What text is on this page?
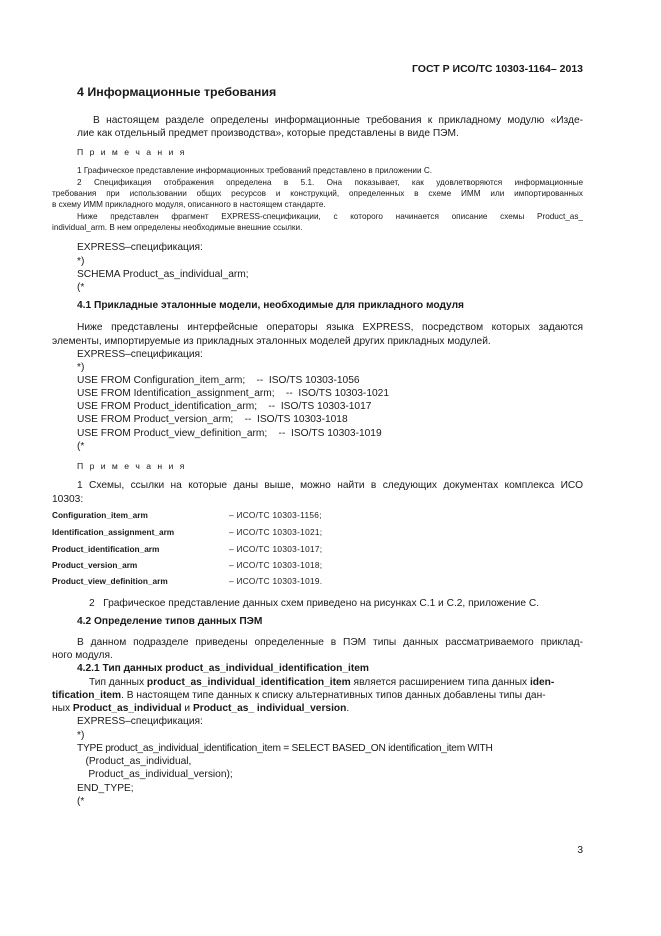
ГОСТ Р ИСО/ТС 10303-1164– 2013
4 Информационные требования
В настоящем разделе определены информационные требования к прикладному модулю «Изде-
лие как отдельный предмет производства», которые представлены в виде ПЭМ.
П р и м е ч а н и я
1 Графическое представление информационных требований представлено в приложении С.
2 Спецификация отображения определена в 5.1. Она показывает, как удовлетворяются информационные
требования при использовании общих ресурсов и конструкций, определенных в схеме ИММ или импортированных
в схему ИММ прикладного модуля, описанного в настоящем стандарте.
Ниже представлен фрагмент EXPRESS-спецификации, с которого начинается описание схемы Product_as_
individual_arm. В нем определены необходимые внешние ссылки.
EXPRESS–спецификация:
*)
SCHEMA Product_as_individual_arm;
(*
4.1 Прикладные эталонные модели, необходимые для прикладного модуля
Ниже представлены интерфейсные операторы языка EXPRESS, посредством которых задаются
элементы, импортируемые из прикладных эталонных моделей других прикладных модулей.
EXPRESS–спецификация:
*)
USE FROM Configuration_item_arm;    --  ISO/TS 10303-1056
USE FROM Identification_assignment_arm;    --  ISO/TS 10303-1021
USE FROM Product_identification_arm;    --  ISO/TS 10303-1017
USE FROM Product_version_arm;    --  ISO/TS 10303-1018
USE FROM Product_view_definition_arm;    --  ISO/TS 10303-1019
(*
П р и м е ч а н и я
1 Схемы, ссылки на которые даны выше, можно найти в следующих документах комплекса ИСО
10303:
Configuration_item_arm	– ИСО/ТС 10303-1156;
Identification_assignment_arm	– ИСО/ТС 10303-1021;
Product_identification_arm	– ИСО/ТС 10303-1017;
Product_version_arm	– ИСО/ТС 10303-1018;
Product_view_definition_arm	– ИСО/ТС 10303-1019.
2   Графическое представление данных схем приведено на рисунках С.1 и С.2, приложение С.
4.2 Определение типов данных ПЭМ
В данном подразделе приведены определенные в ПЭМ типы данных рассматриваемого приклад-
ного модуля.
4.2.1 Тип данных product_as_individual_identification_item
Тип данных product_as_individual_identification_item является расширением типа данных iden-
tification_item. В настоящем типе данных к списку альтернативных типов данных добавлены типы дан-
ных Product_as_individual и Product_as_ individual_version.
EXPRESS–спецификация:
*)
TYPE product_as_individual_identification_item = SELECT BASED_ON identification_item WITH
(Product_as_individual,
Product_as_individual_version);
END_TYPE;
(*
3
